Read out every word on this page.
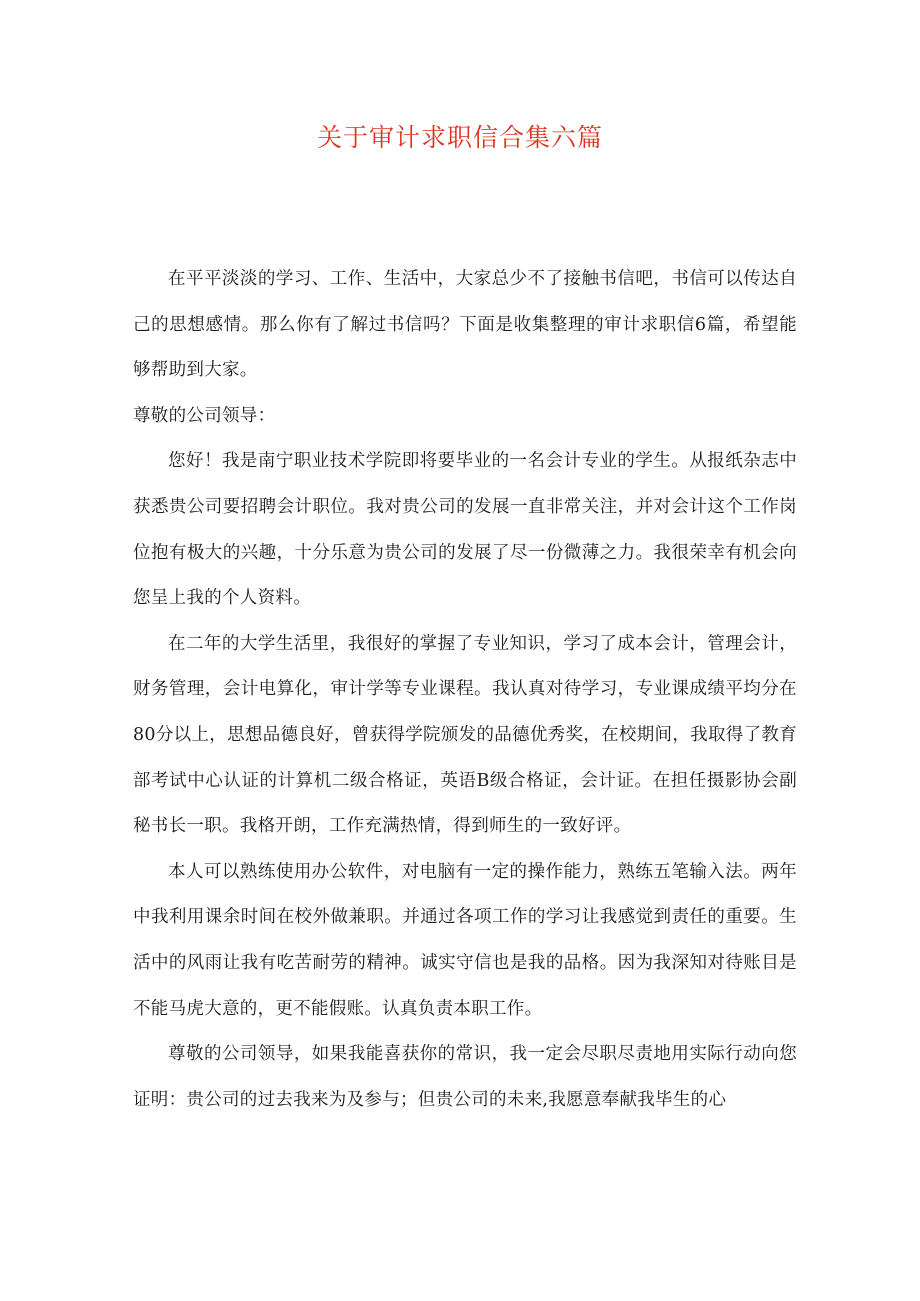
关于审计求职信合集六篇

在平平淡淡的学习、工作、生活中，大家总少不了接触书信吧，书信可以传达自己的思想感情。那么你有了解过书信吗？下面是收集整理的审计求职信6篇，希望能够帮助到大家。

尊敬的公司领导：

您好！我是南宁职业技术学院即将要毕业的一名会计专业的学生。从报纸杂志中获悉贵公司要招聘会计职位。我对贵公司的发展一直非常关注，并对会计这个工作岗位抱有极大的兴趣，十分乐意为贵公司的发展了尽一份微薄之力。我很荣幸有机会向您呈上我的个人资料。

在二年的大学生活里，我很好的掌握了专业知识，学习了成本会计，管理会计，财务管理，会计电算化，审计学等专业课程。我认真对待学习，专业课成绩平均分在80分以上，思想品德良好，曾获得学院颁发的品德优秀奖，在校期间，我取得了教育部考试中心认证的计算机二级合格证，英语B级合格证，会计证。在担任摄影协会副秘书长一职。我格开朗，工作充满热情，得到师生的一致好评。

本人可以熟练使用办公软件，对电脑有一定的操作能力，熟练五笔输入法。两年中我利用课余时间在校外做兼职。并通过各项工作的学习让我感觉到责任的重要。生活中的风雨让我有吃苦耐劳的精神。诚实守信也是我的品格。因为我深知对待账目是不能马虎大意的，更不能假账。认真负责本职工作。

尊敬的公司领导，如果我能喜获你的常识，我一定会尽职尽责地用实际行动向您证明：贵公司的过去我来为及参与；但贵公司的未来,我愿意奉献我毕生的心
